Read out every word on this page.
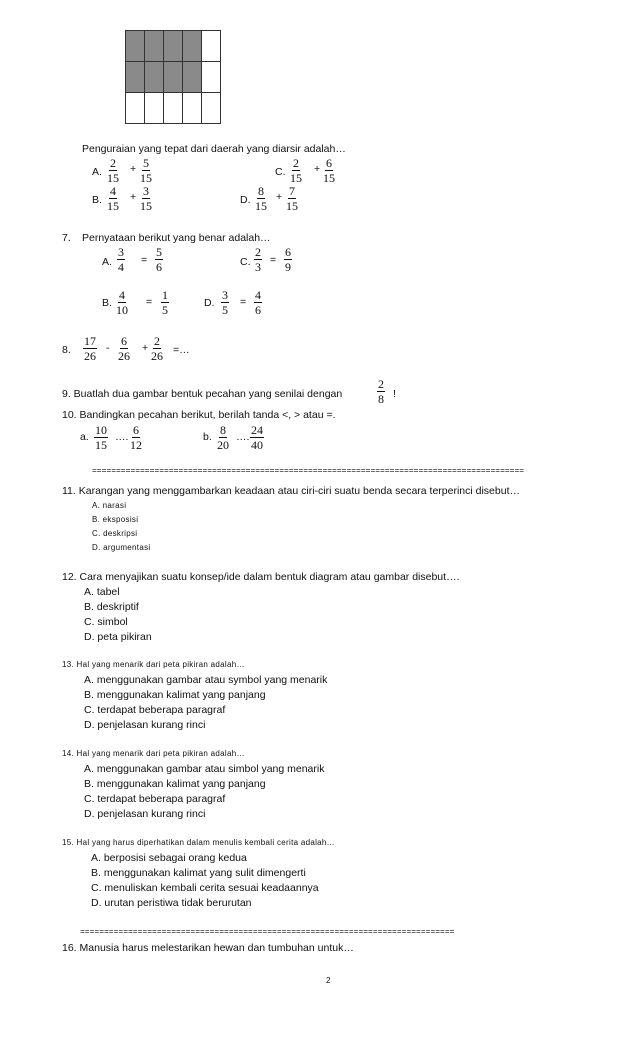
Penguraian yang tepat dari daerah yang diarsir adalah…
A. $\frac{2}{15} + \frac{5}{15}$	C. $\frac{2}{15} + \frac{6}{15}$
B. $\frac{4}{15} + \frac{3}{15}$	D. $\frac{8}{15} + \frac{7}{15}$
7. Pernyataan berikut yang benar adalah…
A. $\frac{3}{4} = \frac{5}{6}$	C. $\frac{2}{3} = \frac{6}{9}$
B. $\frac{4}{10} = \frac{1}{5}$	D. $\frac{3}{5} = \frac{4}{6}$
8. $\frac{17}{26} - \frac{6}{26} + \frac{2}{26}$ =…
9. Buatlah dua gambar bentuk pecahan yang senilai dengan	$\frac{2}{8}$ !
10. Bandingkan pecahan berikut, berilah tanda <, > atau =.
a. $\frac{10}{15}$ …. $\frac{6}{12}$	b. $\frac{8}{20}$ …. $\frac{24}{40}$
==========================================================================================
11. Karangan yang menggambarkan keadaan atau ciri-ciri suatu benda secara terperinci disebut…
A. narasi
B. eksposisi
C. deskripsi
D. argumentasi
12. Cara menyajikan suatu konsep/ide dalam bentuk diagram atau gambar disebut….
A. tabel
B. deskriptif
C. simbol
D. peta pikiran
13. Hal yang menarik dari peta pikiran adalah…
A. menggunakan gambar atau symbol yang menarik
B. menggunakan kalimat yang panjang
C. terdapat beberapa paragraf
D. penjelasan kurang rinci
14. Hal yang menarik dari peta pikiran adalah…
A. menggunakan gambar atau simbol yang menarik
B. menggunakan kalimat yang panjang
C. terdapat beberapa paragraf
D. penjelasan kurang rinci
15. Hal yang harus diperhatikan dalam menulis kembali cerita adalah…
A. berposisi sebagai orang kedua
B. menggunakan kalimat yang sulit dimengerti
C. menuliskan kembali cerita sesuai keadaannya
D. urutan peristiwa tidak berurutan
==============================================================================
16. Manusia harus melestarikan hewan dan tumbuhan untuk…
2
